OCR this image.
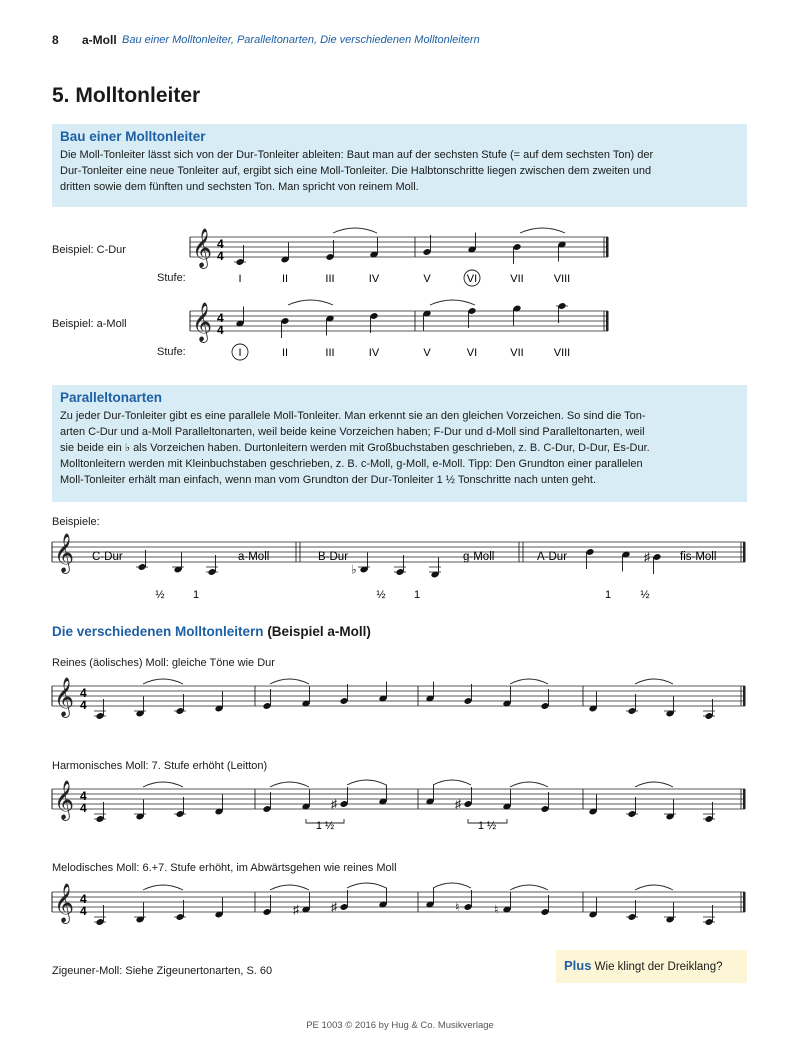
8 a-Moll Bau einer Molltonleiter, Paralleltonarten, Die verschiedenen Molltonleitern
5. Molltonleiter
Bau einer Molltonleiter

Die Moll-Tonleiter lässt sich von der Dur-Tonleiter ableiten: Baut man auf der sechsten Stufe (= auf dem sechsten Ton) der
Dur-Tonleiter eine neue Tonleiter auf, ergibt sich eine Moll-Tonleiter. Die Halbtonschritte liegen zwischen dem zweiten und
dritten sowie dem fünften und sechsten Ton. Man spricht von reinem Moll.

Beispiel: C-Dur
Stufe:
Beispiel: a-Moll
Stufe:
𝄞
𝄞
𝄞
𝄞
𝄞
𝄞
♭
♯
♯	♯
♯	♯	♮	♮
4
4
4
4
4
4
4
4
4
4
I	II	III	IV	V	VI	VII	VIII
I	II	III	IV	V	VI	VII	VIII
C-Dur	a-Moll	B-Dur	g-Moll	A-Dur	fis-Moll
½	1	½	1	1	½
1 ½	1 ½
Paralleltonarten

Zu jeder Dur-Tonleiter gibt es eine parallele Moll-Tonleiter. Man erkennt sie an den gleichen Vorzeichen. So sind die Ton-
arten C-Dur und a-Moll Paralleltonarten, weil beide keine Vorzeichen haben; F-Dur und d-Moll sind Paralleltonarten, weil
sie beide ein ♭ als Vorzeichen haben. Durtonleitern werden mit Großbuchstaben geschrieben, z. B. C-Dur, D-Dur, Es-Dur.
Molltonleitern werden mit Kleinbuchstaben geschrieben, z. B. c-Moll, g-Moll, e-Moll. Tipp: Den Grundton einer parallelen
Moll-Tonleiter erhält man einfach, wenn man vom Grundton der Dur-Tonleiter 1 ½ Tonschritte nach unten geht.

Beispiele:
Die verschiedenen Molltonleitern (Beispiel a-Moll)
Reines (äolisches) Moll: gleiche Töne wie Dur
Harmonisches Moll: 7. Stufe erhöht (Leitton)
Melodisches Moll: 6.+7. Stufe erhöht, im Abwärtsgehen wie reines Moll
Zigeuner-Moll: Siehe Zigeunertonarten, S. 60	Plus Wie klingt der Dreiklang?
PE 1003 © 2016 by Hug & Co. Musikverlage
